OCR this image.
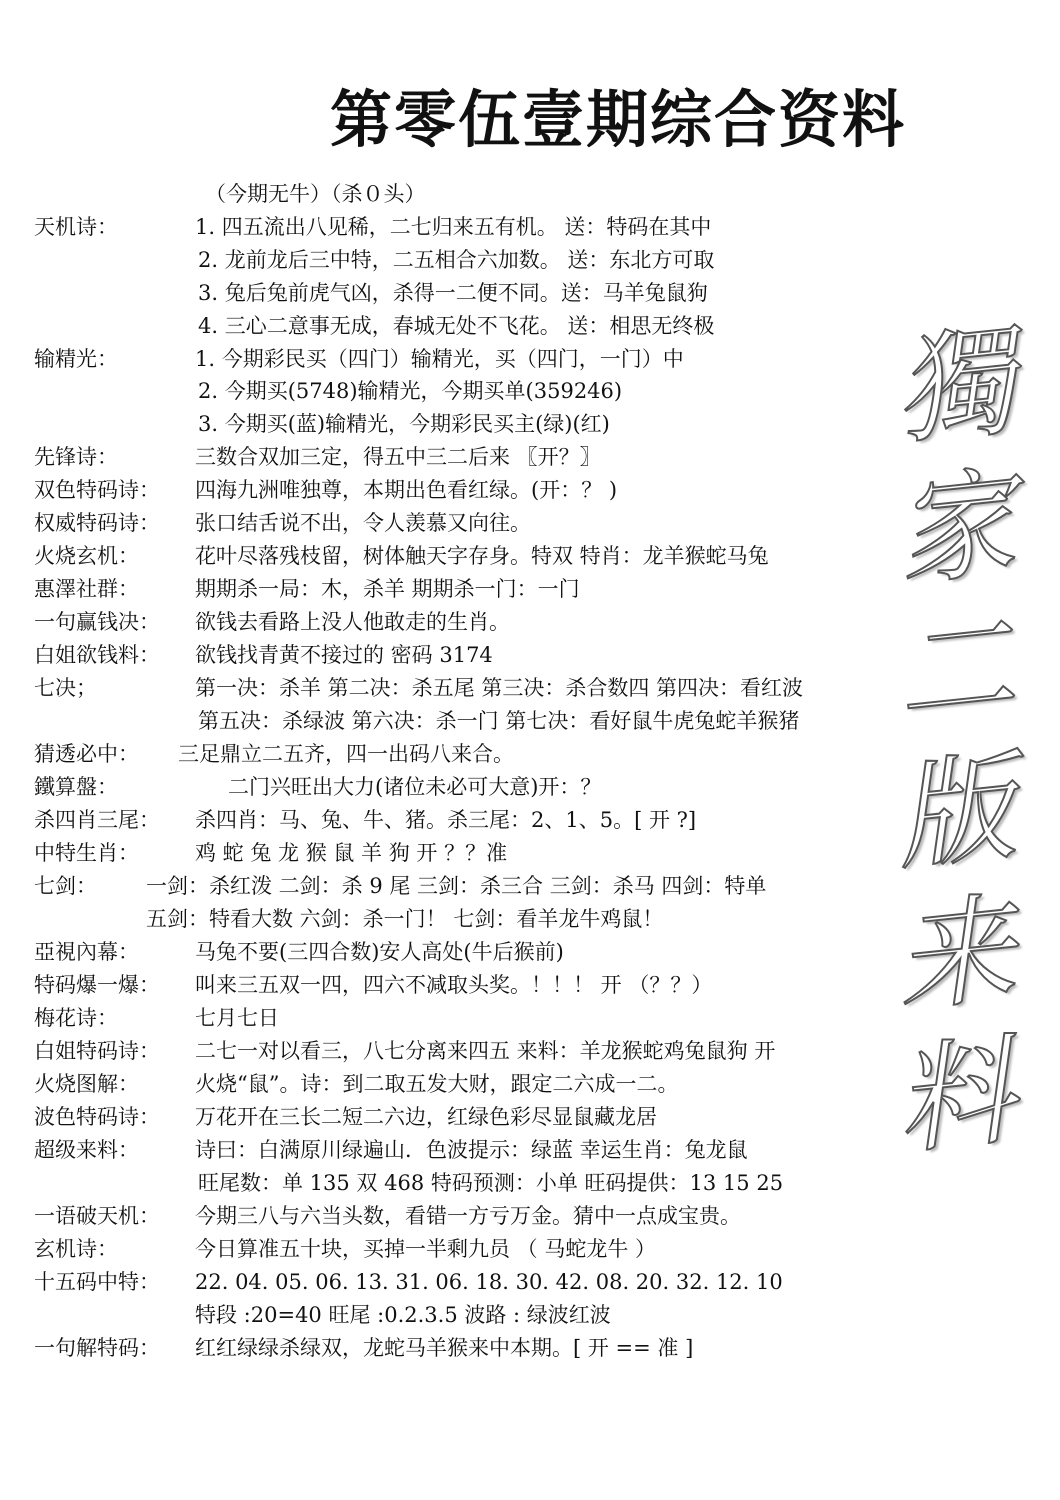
第零伍壹期综合资料
（今期无牛）（杀０头）
天机诗：	1. 四五流出八见稀，二七归来五有机。 送：特码在其中
2. 龙前龙后三中特，二五相合六加数。 送：东北方可取
3. 兔后兔前虎气凶，杀得一二便不同。送：马羊兔鼠狗
4. 三心二意事无成，春城无处不飞花。 送：相思无终极
输精光：	1. 今期彩民买（四门）输精光，买（四门，一门）中
2. 今期买(5748)输精光，今期买单(359246)
3. 今期买(蓝)输精光，今期彩民买主(绿)(红)
先锋诗：	三数合双加三定，得五中三二后来 〖开？〗
双色特码诗： 四海九洲唯独尊，本期出色看红绿。(开：？ )
权威特码诗： 张口结舌说不出，令人羡慕又向往。
火烧玄机：	花叶尽落残枝留，树体触天字存身。特双 特肖：龙羊猴蛇马兔
惠澤社群：	期期杀一局：木，杀羊 期期杀一门：一门
一句赢钱决： 欲钱去看路上没人他敢走的生肖。
白姐欲钱料： 欲钱找青黄不接过的 密码 3174
七决；	第一决：杀羊 第二决：杀五尾 第三决：杀合数四 第四决：看红波
第五决：杀绿波 第六决：杀一门 第七决：看好鼠牛虎兔蛇羊猴猪
猜透必中： 三足鼎立二五齐，四一出码八来合。
鐵算盤：	二门兴旺出大力(诸位未必可大意)开：？
杀四肖三尾： 杀四肖：马、兔、牛、猪。杀三尾：2、1、5。[ 开 ?]
中特生肖：	鸡 蛇 兔 龙 猴 鼠 羊 狗 开 ？？准
七剑： 一剑：杀红泼 二剑：杀 9 尾 三剑：杀三合 三剑：杀马 四剑：特单
五剑：特看大数 六剑：杀一门！ 七剑：看羊龙牛鸡鼠！
亞視內幕：	马兔不要(三四合数)安人高处(牛后猴前)
特码爆一爆： 叫来三五双一四，四六不减取头奖。！！！ 开 （？？）
梅花诗：	七月七日
白姐特码诗： 二七一对以看三，八七分离来四五 来料：羊龙猴蛇鸡兔鼠狗 开
火烧图解：	火烧“鼠”。诗：到二取五发大财，跟定二六成一二。
波色特码诗： 万花开在三长二短二六边，红绿色彩尽显鼠藏龙居
超级来料：	诗曰：白满原川绿遍山．色波提示：绿蓝 幸运生肖：兔龙鼠
旺尾数：单 135 双 468 特码预测：小单 旺码提供：13 15 25
一语破天机： 今期三八与六当头数，看错一方亏万金。猜中一点成宝贵。
玄机诗：	今日算准五十块，买掉一半剩九员 （ 马蛇龙牛 ）
十五码中特： 22. 04. 05. 06. 13. 31. 06. 18. 30. 42. 08. 20. 32. 12. 10
特段 :20=40 旺尾 :0.2.3.5 波路 : 绿波红波
一句解特码： 红红绿绿杀绿双，龙蛇马羊猴来中本期。[ 开 == 准 ]
獨
家
二
版
来
料
